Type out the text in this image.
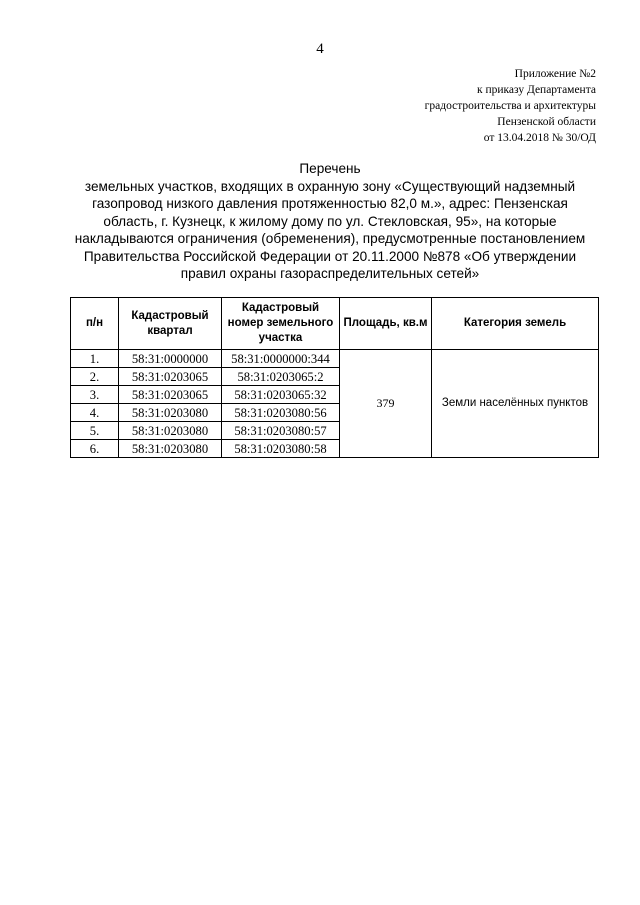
4
Приложение №2
к приказу Департамента
градостроительства и архитектуры
Пензенской области
от 13.04.2018 № 30/ОД
Перечень
земельных участков, входящих в охранную зону «Существующий надземный
газопровод низкого давления протяженностью 82,0 м.», адрес: Пензенская
область, г. Кузнецк, к жилому дому по ул. Стекловская, 95», на которые
накладываются ограничения (обременения), предусмотренные постановлением
Правительства Российской Федерации от 20.11.2000 №878 «Об утверждении
правил охраны газораспределительных сетей»
п/н	Кадастровый квартал	Кадастровый номер земельного участка	Площадь, кв.м	Категория земель
1.	58:31:0000000	58:31:0000000:344	379	Земли населённых пунктов
2.	58:31:0203065	58:31:0203065:2		
3.	58:31:0203065	58:31:0203065:32		
4.	58:31:0203080	58:31:0203080:56		
5.	58:31:0203080	58:31:0203080:57		
6.	58:31:0203080	58:31:0203080:58		
